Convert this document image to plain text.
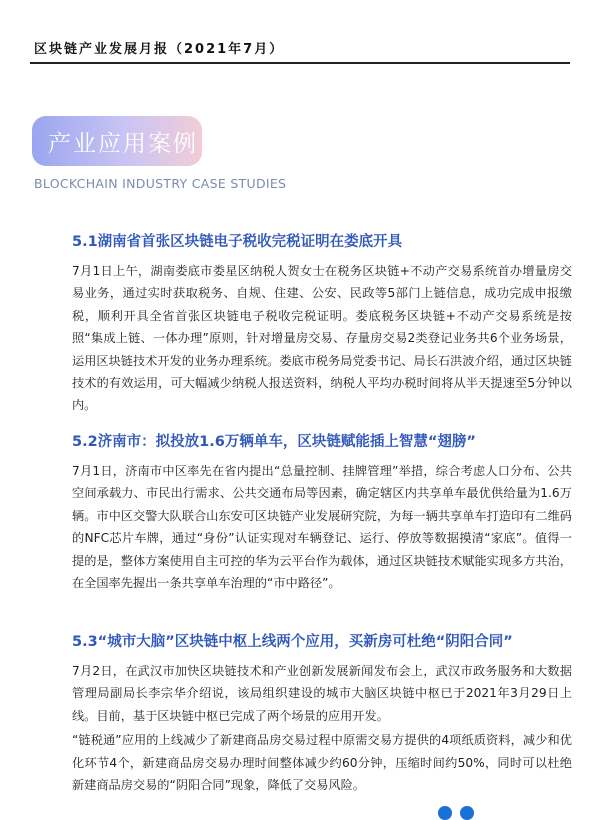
区块链产业发展月报（2021年7月）
产业应用案例
BLOCKCHAIN INDUSTRY CASE STUDIES
5.1湖南省首张区块链电子税收完税证明在娄底开具

7月1日上午，湖南娄底市娄星区纳税人贺女士在税务区块链+不动产交易系统首办增量房交易业务，通过实时获取税务、自规、住建、公安、民政等5部门上链信息，成功完成申报缴税，顺利开具全省首张区块链电子税收完税证明。娄底税务区块链+不动产交易系统是按照“集成上链、一体办理”原则，针对增量房交易、存量房交易2类登记业务共6个业务场景，运用区块链技术开发的业务办理系统。娄底市税务局党委书记、局长石洪波介绍，通过区块链技术的有效运用，可大幅减少纳税人报送资料，纳税人平均办税时间将从半天提速至5分钟以内。

5.2济南市：拟投放1.6万辆单车，区块链赋能插上智慧“翅膀”

7月1日，济南市中区率先在省内提出“总量控制、挂牌管理”举措，综合考虑人口分布、公共空间承载力、市民出行需求、公共交通布局等因素，确定辖区内共享单车最优供给量为1.6万辆。市中区交警大队联合山东安可区块链产业发展研究院，为每一辆共享单车打造印有二维码的NFC芯片车牌，通过“身份”认证实现对车辆登记、运行、停放等数据摸清“家底”。值得一提的是，整体方案使用自主可控的华为云平台作为载体，通过区块链技术赋能实现多方共治，在全国率先握出一条共享单车治理的“市中路径”。

5.3“城市大脑”区块链中枢上线两个应用，买新房可杜绝“阴阳合同”

7月2日，在武汉市加快区块链技术和产业创新发展新闻发布会上，武汉市政务服务和大数据管理局副局长李宗华介绍说，该局组织建设的城市大脑区块链中枢已于2021年3月29日上线。目前，基于区块链中枢已完成了两个场景的应用开发。

“链税通”应用的上线减少了新建商品房交易过程中原需交易方提供的4项纸质资料，减少和优化环节4个，新建商品房交易办理时间整体减少约60分钟，压缩时间约50%，同时可以杜绝新建商品房交易的“阴阳合同”现象，降低了交易风险。
